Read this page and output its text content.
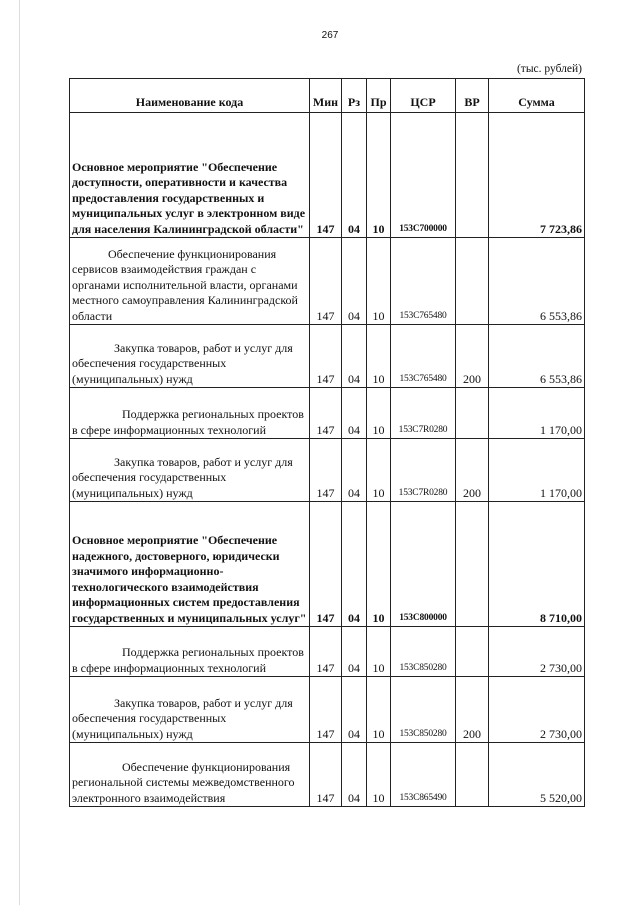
267
(тыс. рублей)
Наименование кода	Мин	Рз	Пр	ЦСР	ВР	Сумма
Основное мероприятие "Обеспечение доступности, оперативности и качества предоставления государственных и муниципальных услуг в электронном виде для населения Калининградской области"	147	04	10	153С700000		7 723,86
Обеспечение функционирования сервисов взаимодействия граждан с органами исполнительной власти, органами местного самоуправления Калининградской области	147	04	10	153С765480		6 553,86
Закупка товаров, работ и услуг для обеспечения государственных (муниципальных) нужд	147	04	10	153С765480	200	6 553,86
Поддержка региональных проектов в сфере информационных технологий	147	04	10	153С7R0280		1 170,00
Закупка товаров, работ и услуг для обеспечения государственных (муниципальных) нужд	147	04	10	153С7R0280	200	1 170,00
Основное мероприятие "Обеспечение надежного, достоверного, юридически значимого информационно-технологического взаимодействия информационных систем предоставления государственных и муниципальных услуг"	147	04	10	153С800000		8 710,00
Поддержка региональных проектов в сфере информационных технологий	147	04	10	153С850280		2 730,00
Закупка товаров, работ и услуг для обеспечения государственных (муниципальных) нужд	147	04	10	153С850280	200	2 730,00
Обеспечение функционирования региональной системы межведомственного электронного взаимодействия	147	04	10	153С865490		5 520,00
